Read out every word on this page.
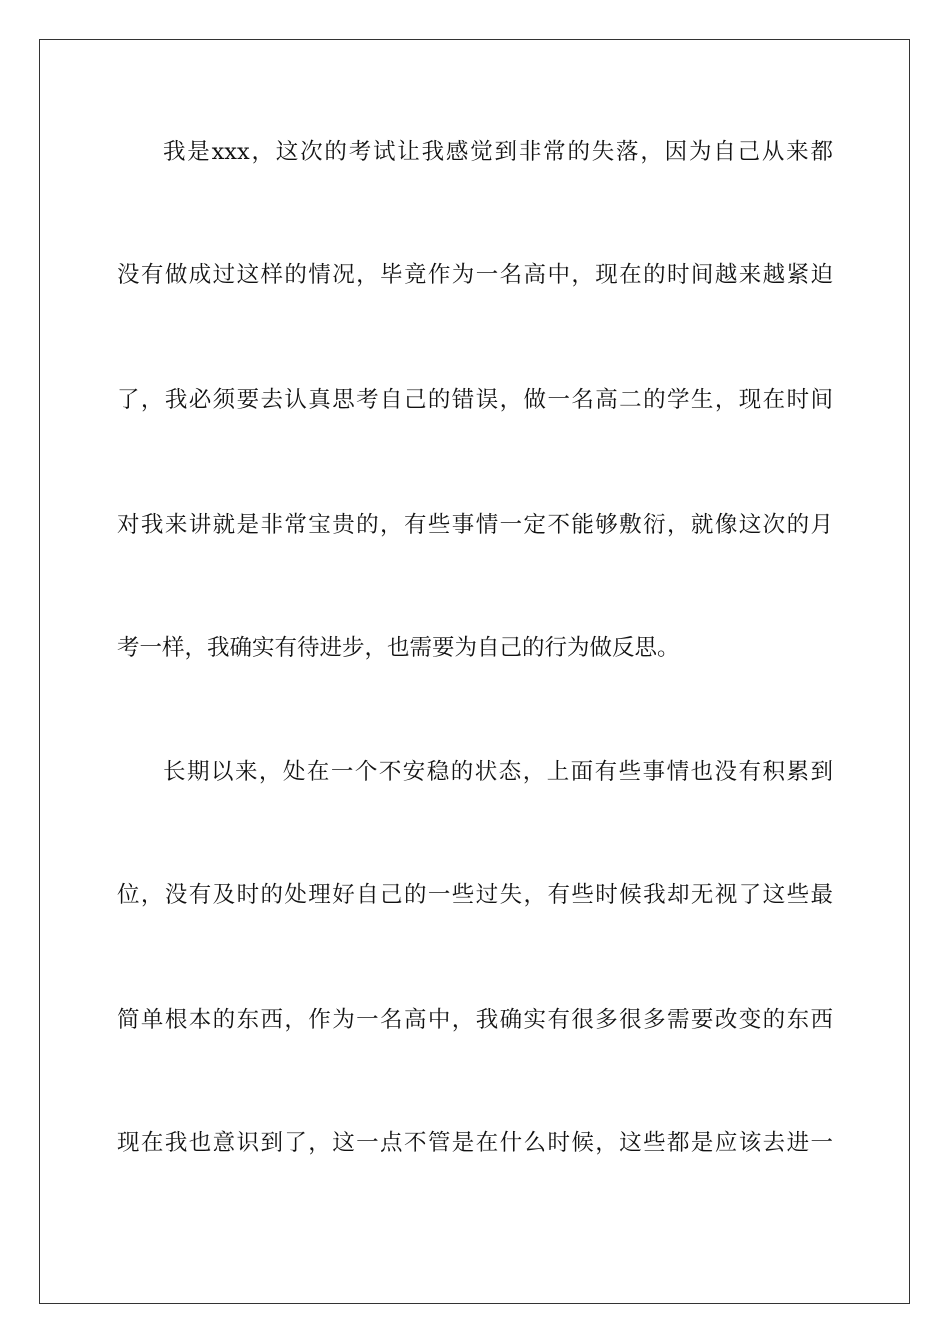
我是xxx，这次的考试让我感觉到非常的失落，因为自己从来都
没有做成过这样的情况，毕竟作为一名高中，现在的时间越来越紧迫
了，我必须要去认真思考自己的错误，做一名高二的学生，现在时间
对我来讲就是非常宝贵的，有些事情一定不能够敷衍，就像这次的月
考一样，我确实有待进步，也需要为自己的行为做反思。
长期以来，处在一个不安稳的状态，上面有些事情也没有积累到
位，没有及时的处理好自己的一些过失，有些时候我却无视了这些最
简单根本的东西，作为一名高中，我确实有很多很多需要改变的东西
现在我也意识到了，这一点不管是在什么时候，这些都是应该去进一
